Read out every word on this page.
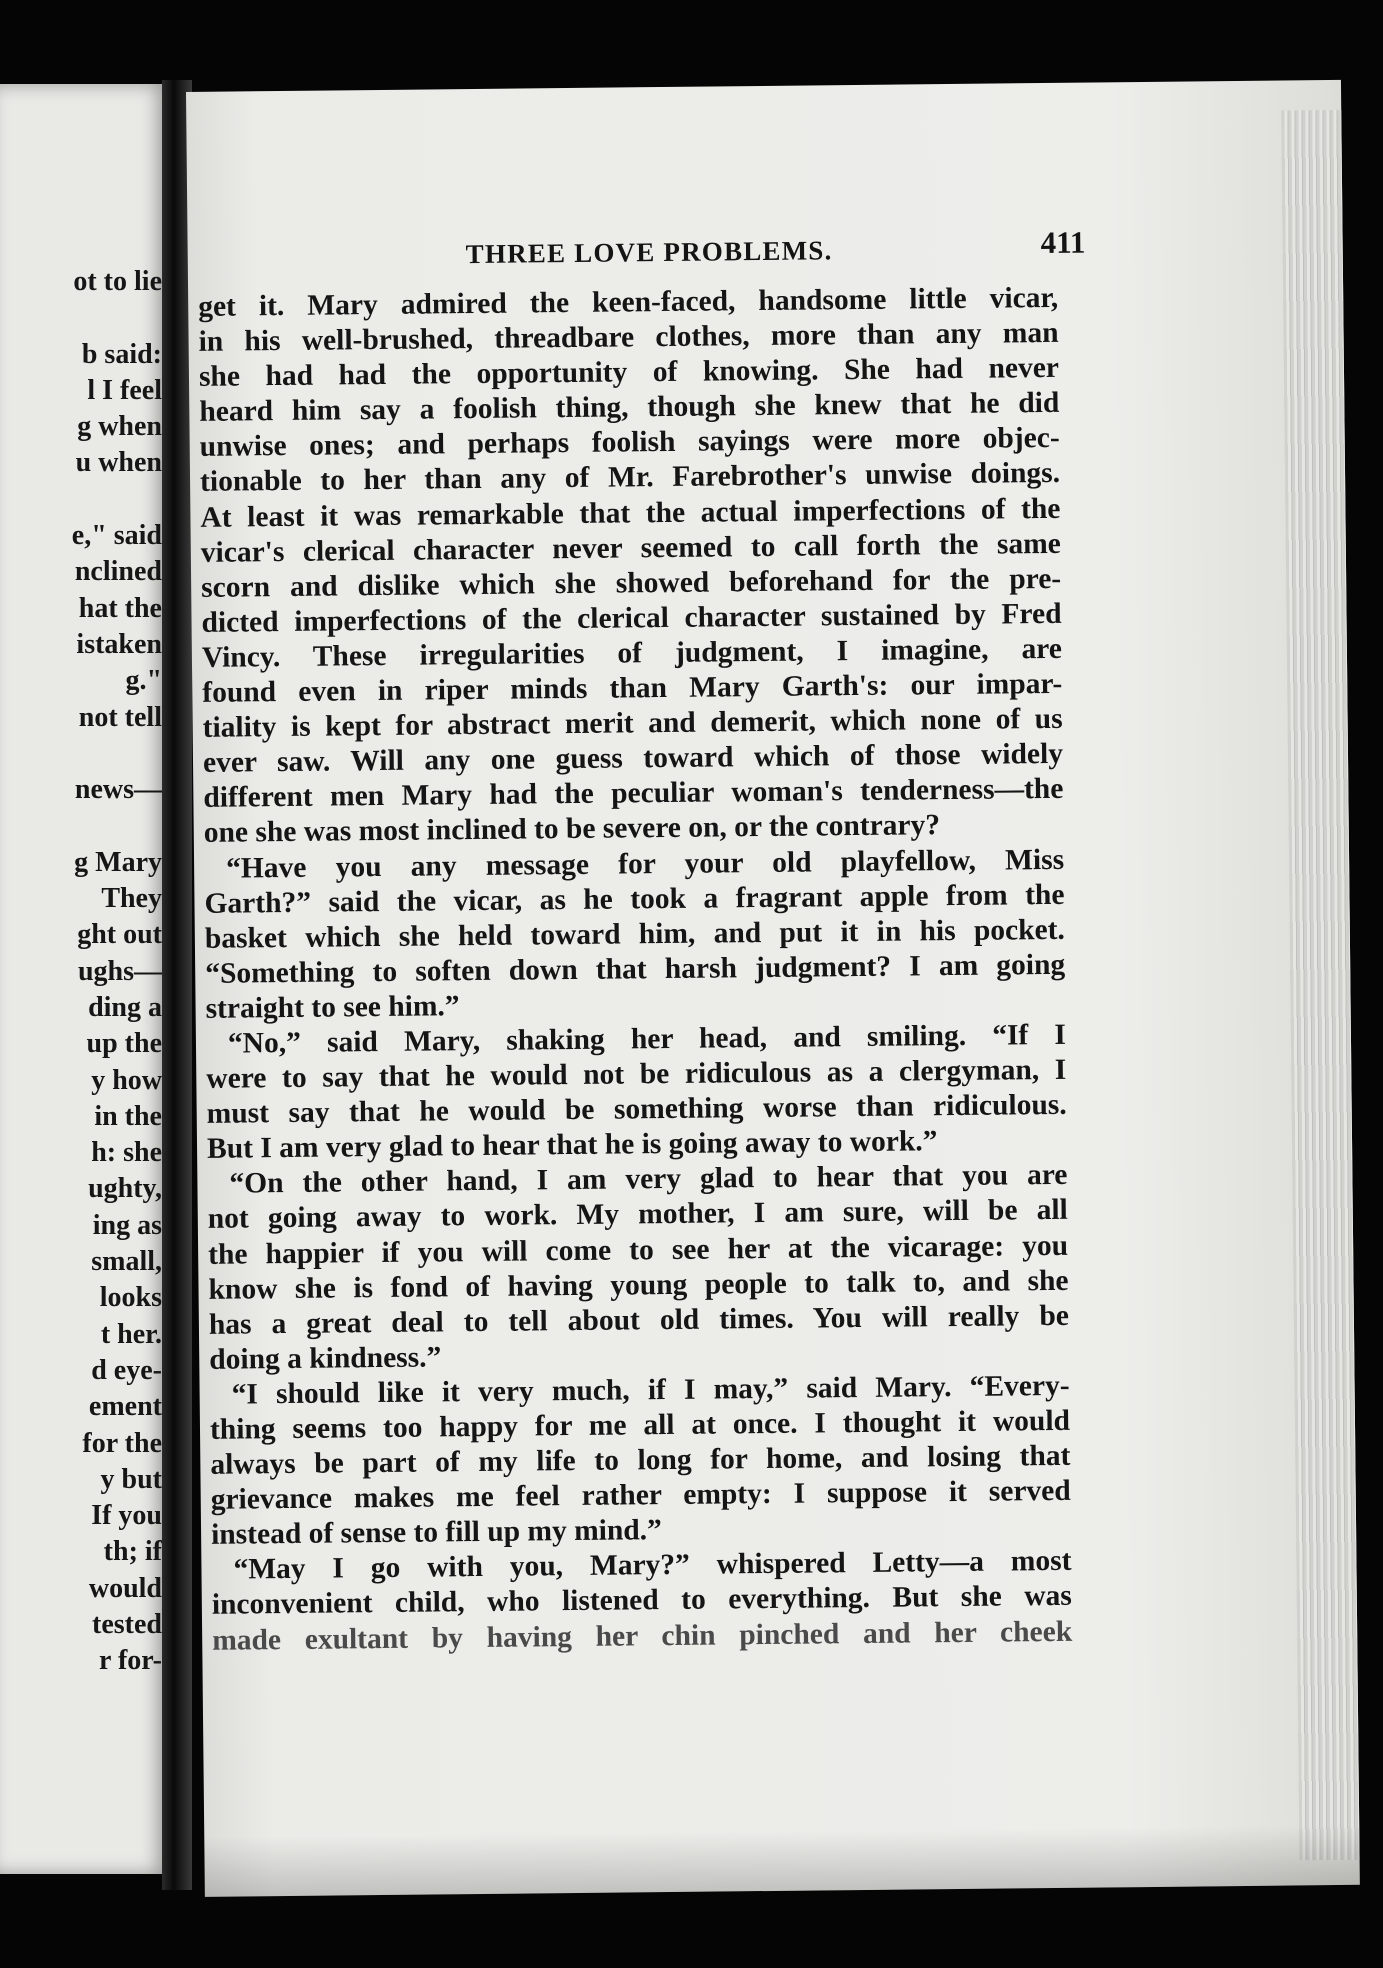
ot to lie
b said:
l I feel
g when
u when
e," said
nclined
hat the
istaken
g."
not tell
news—
g Mary
They
ght out
ughs—
ding a
up the
y how
in the
h: she
ughty,
ing as
small,
looks
t her.
d eye-
ement
for the
y but
If you
th; if
would
tested
r for-
THREE LOVE PROBLEMS.	411
get it. Mary admired the keen-faced, handsome little vicar,
in his well-brushed, threadbare clothes, more than any man
she had had the opportunity of knowing. She had never
heard him say a foolish thing, though she knew that he did
unwise ones; and perhaps foolish sayings were more objec-
tionable to her than any of Mr. Farebrother's unwise doings.
At least it was remarkable that the actual imperfections of the
vicar's clerical character never seemed to call forth the same
scorn and dislike which she showed beforehand for the pre-
dicted imperfections of the clerical character sustained by Fred
Vincy. These irregularities of judgment, I imagine, are
found even in riper minds than Mary Garth's: our impar-
tiality is kept for abstract merit and demerit, which none of us
ever saw. Will any one guess toward which of those widely
different men Mary had the peculiar woman's tenderness—the
one she was most inclined to be severe on, or the contrary?
“Have you any message for your old playfellow, Miss
Garth?” said the vicar, as he took a fragrant apple from the
basket which she held toward him, and put it in his pocket.
“Something to soften down that harsh judgment? I am going
straight to see him.”
“No,” said Mary, shaking her head, and smiling. “If I
were to say that he would not be ridiculous as a clergyman, I
must say that he would be something worse than ridiculous.
But I am very glad to hear that he is going away to work.”
“On the other hand, I am very glad to hear that you are
not going away to work. My mother, I am sure, will be all
the happier if you will come to see her at the vicarage: you
know she is fond of having young people to talk to, and she
has a great deal to tell about old times. You will really be
doing a kindness.”
“I should like it very much, if I may,” said Mary. “Every-
thing seems too happy for me all at once. I thought it would
always be part of my life to long for home, and losing that
grievance makes me feel rather empty: I suppose it served
instead of sense to fill up my mind.”
“May I go with you, Mary?” whispered Letty—a most
inconvenient child, who listened to everything. But she was
made exultant by having her chin pinched and her cheek
